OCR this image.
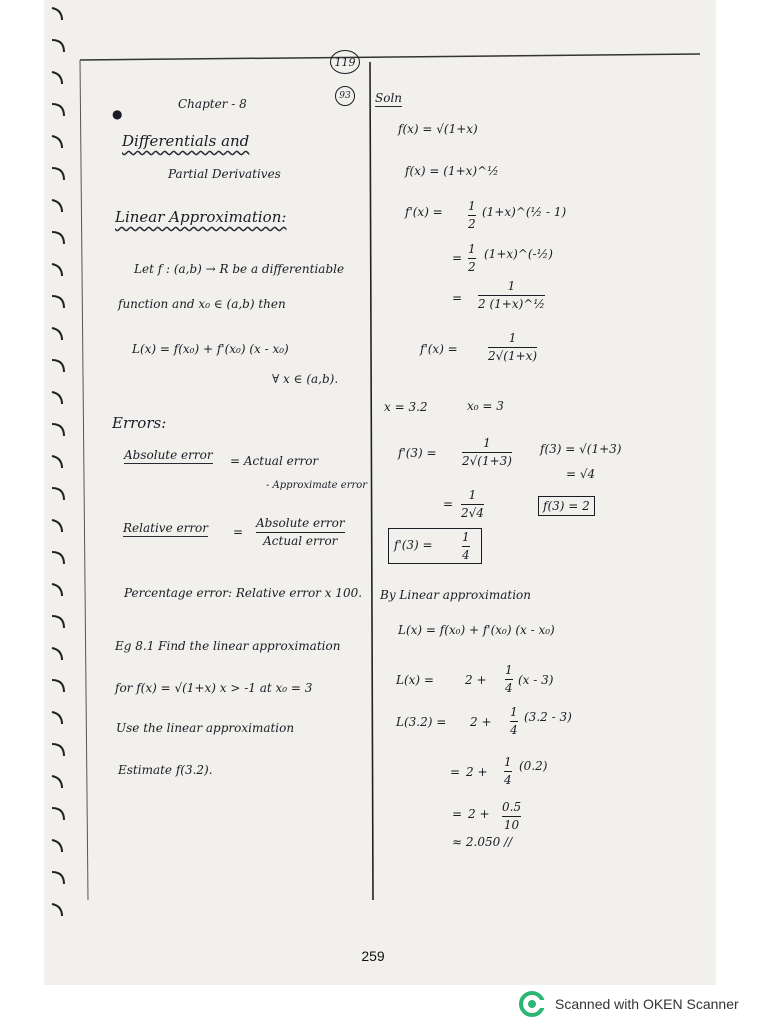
119
93
●
Chapter - 8
Differentials and
Partial Derivatives
Linear Approximation:
Let f : (a,b) → R be a differentiable
function and x₀ ∈ (a,b) then
L(x) = f(x₀) + f'(x₀) (x - x₀)
∀ x ∈ (a,b).
Errors:
Absolute error = Actual error
- Approximate error
Relative error =
Absolute error
Actual error
Percentage error: Relative error x 100.
Eg 8.1 Find the linear approximation
for f(x) = √(1+x) x > -1 at x₀ = 3
Use the linear approximation
Estimate f(3.2).
Soln
f(x) = √(1+x)
f(x) = (1+x)^½
f'(x) = 1
2
(1+x)^(½ - 1)
=
1
2
(1+x)^(-½)
=
1
2 (1+x)^½
f'(x) =
1
2√(1+x)
x = 3.2	x₀ = 3
f'(3) =
1
2√(1+3)
f(3) = √(1+3)
= √4
=
1
2√4
f(3) = 2
f'(3) =
1
4
By Linear approximation
L(x) = f(x₀) + f'(x₀) (x - x₀)
L(x) =	2 +
1
4
(x - 3)
L(3.2) = 2 +
1
4
(3.2 - 3)
= 2 +
1
4
(0.2)
= 2 + 0.5
10
≈ 2.050 //
259
Scanned with OKEN Scanner
